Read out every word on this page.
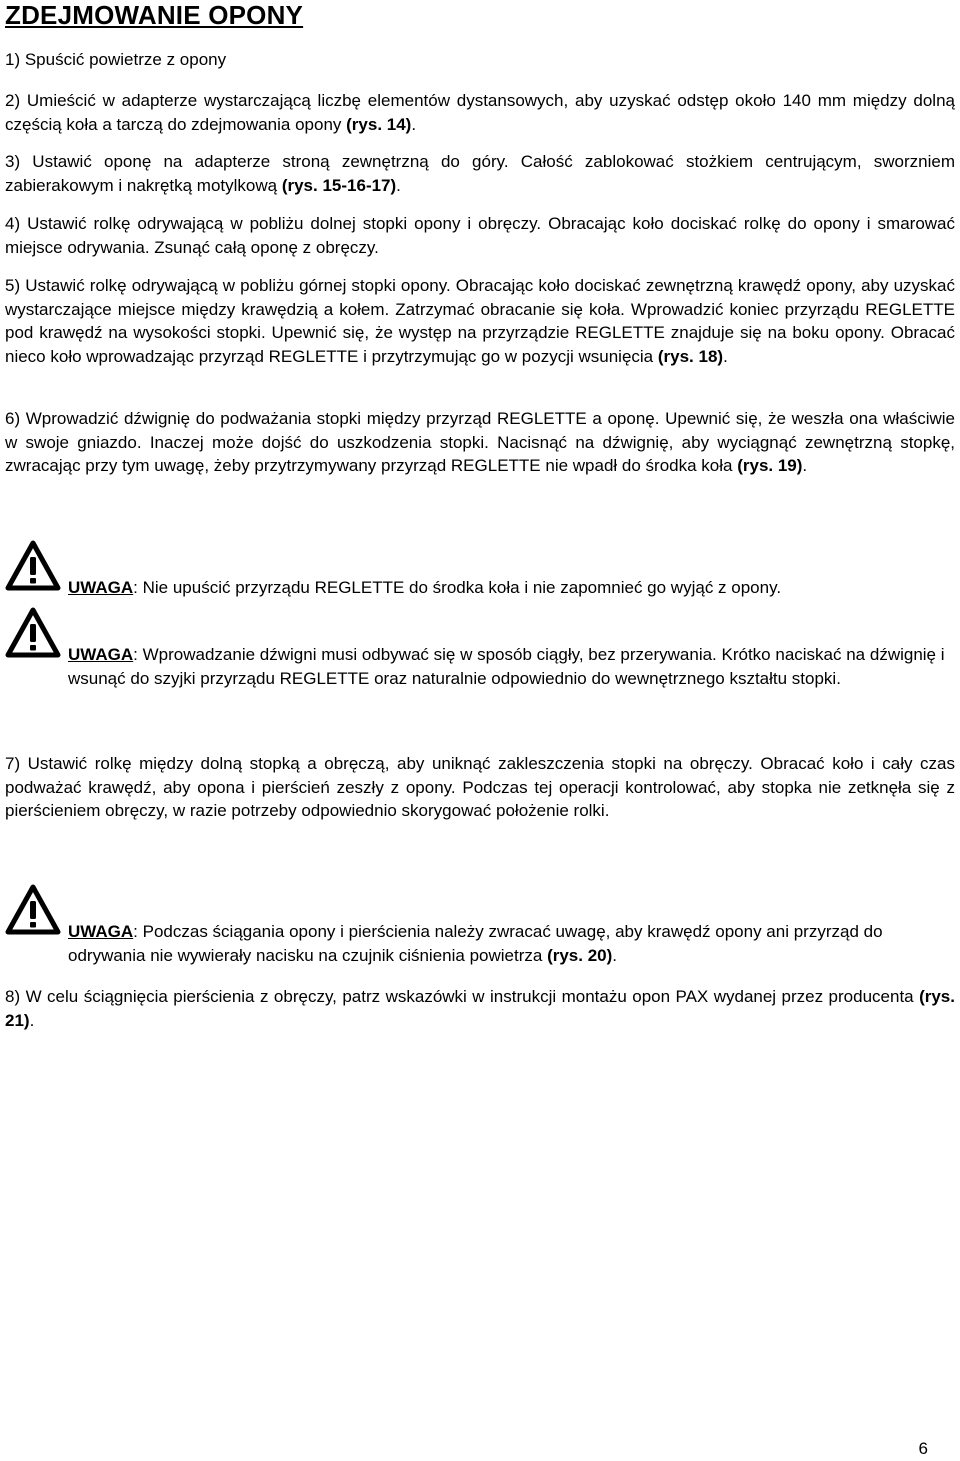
ZDEJMOWANIE OPONY

1) Spuścić powietrze z opony

2) Umieścić w adapterze wystarczającą liczbę elementów dystansowych, aby uzyskać odstęp około 140 mm między dolną częścią koła a tarczą do zdejmowania opony (rys. 14).

3) Ustawić oponę na adapterze stroną zewnętrzną do góry. Całość zablokować stożkiem centrującym, sworzniem zabierakowym i nakrętką motylkową (rys. 15-16-17).

4) Ustawić rolkę odrywającą w pobliżu dolnej stopki opony i obręczy. Obracając koło dociskać rolkę do opony i smarować miejsce odrywania. Zsunąć całą oponę z obręczy.

5) Ustawić rolkę odrywającą w pobliżu górnej stopki opony. Obracając koło dociskać zewnętrzną krawędź opony, aby uzyskać wystarczające miejsce między krawędzią a kołem. Zatrzymać obracanie się koła. Wprowadzić koniec przyrządu REGLETTE pod krawędź na wysokości stopki. Upewnić się, że występ na przyrządzie REGLETTE znajduje się na boku opony. Obracać nieco koło wprowadzając przyrząd REGLETTE i przytrzymując go w pozycji wsunięcia (rys. 18).

6) Wprowadzić dźwignię do podważania stopki między przyrząd REGLETTE a oponę. Upewnić się, że weszła ona właściwie w swoje gniazdo. Inaczej może dojść do uszkodzenia stopki. Nacisnąć na dźwignię, aby wyciągnąć zewnętrzną stopkę, zwracając przy tym uwagę, żeby przytrzymywany przyrząd REGLETTE nie wpadł do środka koła (rys. 19).

UWAGA: Nie upuścić przyrządu REGLETTE do środka koła i nie zapomnieć go wyjąć z opony.

UWAGA: Wprowadzanie dźwigni musi odbywać się w sposób ciągły, bez przerywania. Krótko naciskać na dźwignię i wsunąć do szyjki przyrządu REGLETTE oraz naturalnie odpowiednio do wewnętrznego kształtu stopki.

7) Ustawić rolkę między dolną stopką a obręczą, aby uniknąć zakleszczenia stopki na obręczy. Obracać koło i cały czas podważać krawędź, aby opona i pierścień zeszły z opony. Podczas tej operacji kontrolować, aby stopka nie zetknęła się z pierścieniem obręczy, w razie potrzeby odpowiednio skorygować położenie rolki.

UWAGA: Podczas ściągania opony i pierścienia należy zwracać uwagę, aby krawędź opony ani przyrząd do odrywania nie wywierały nacisku na czujnik ciśnienia powietrza (rys. 20).

8) W celu ściągnięcia pierścienia z obręczy, patrz wskazówki w instrukcji montażu opon PAX wydanej przez producenta (rys. 21).

6
